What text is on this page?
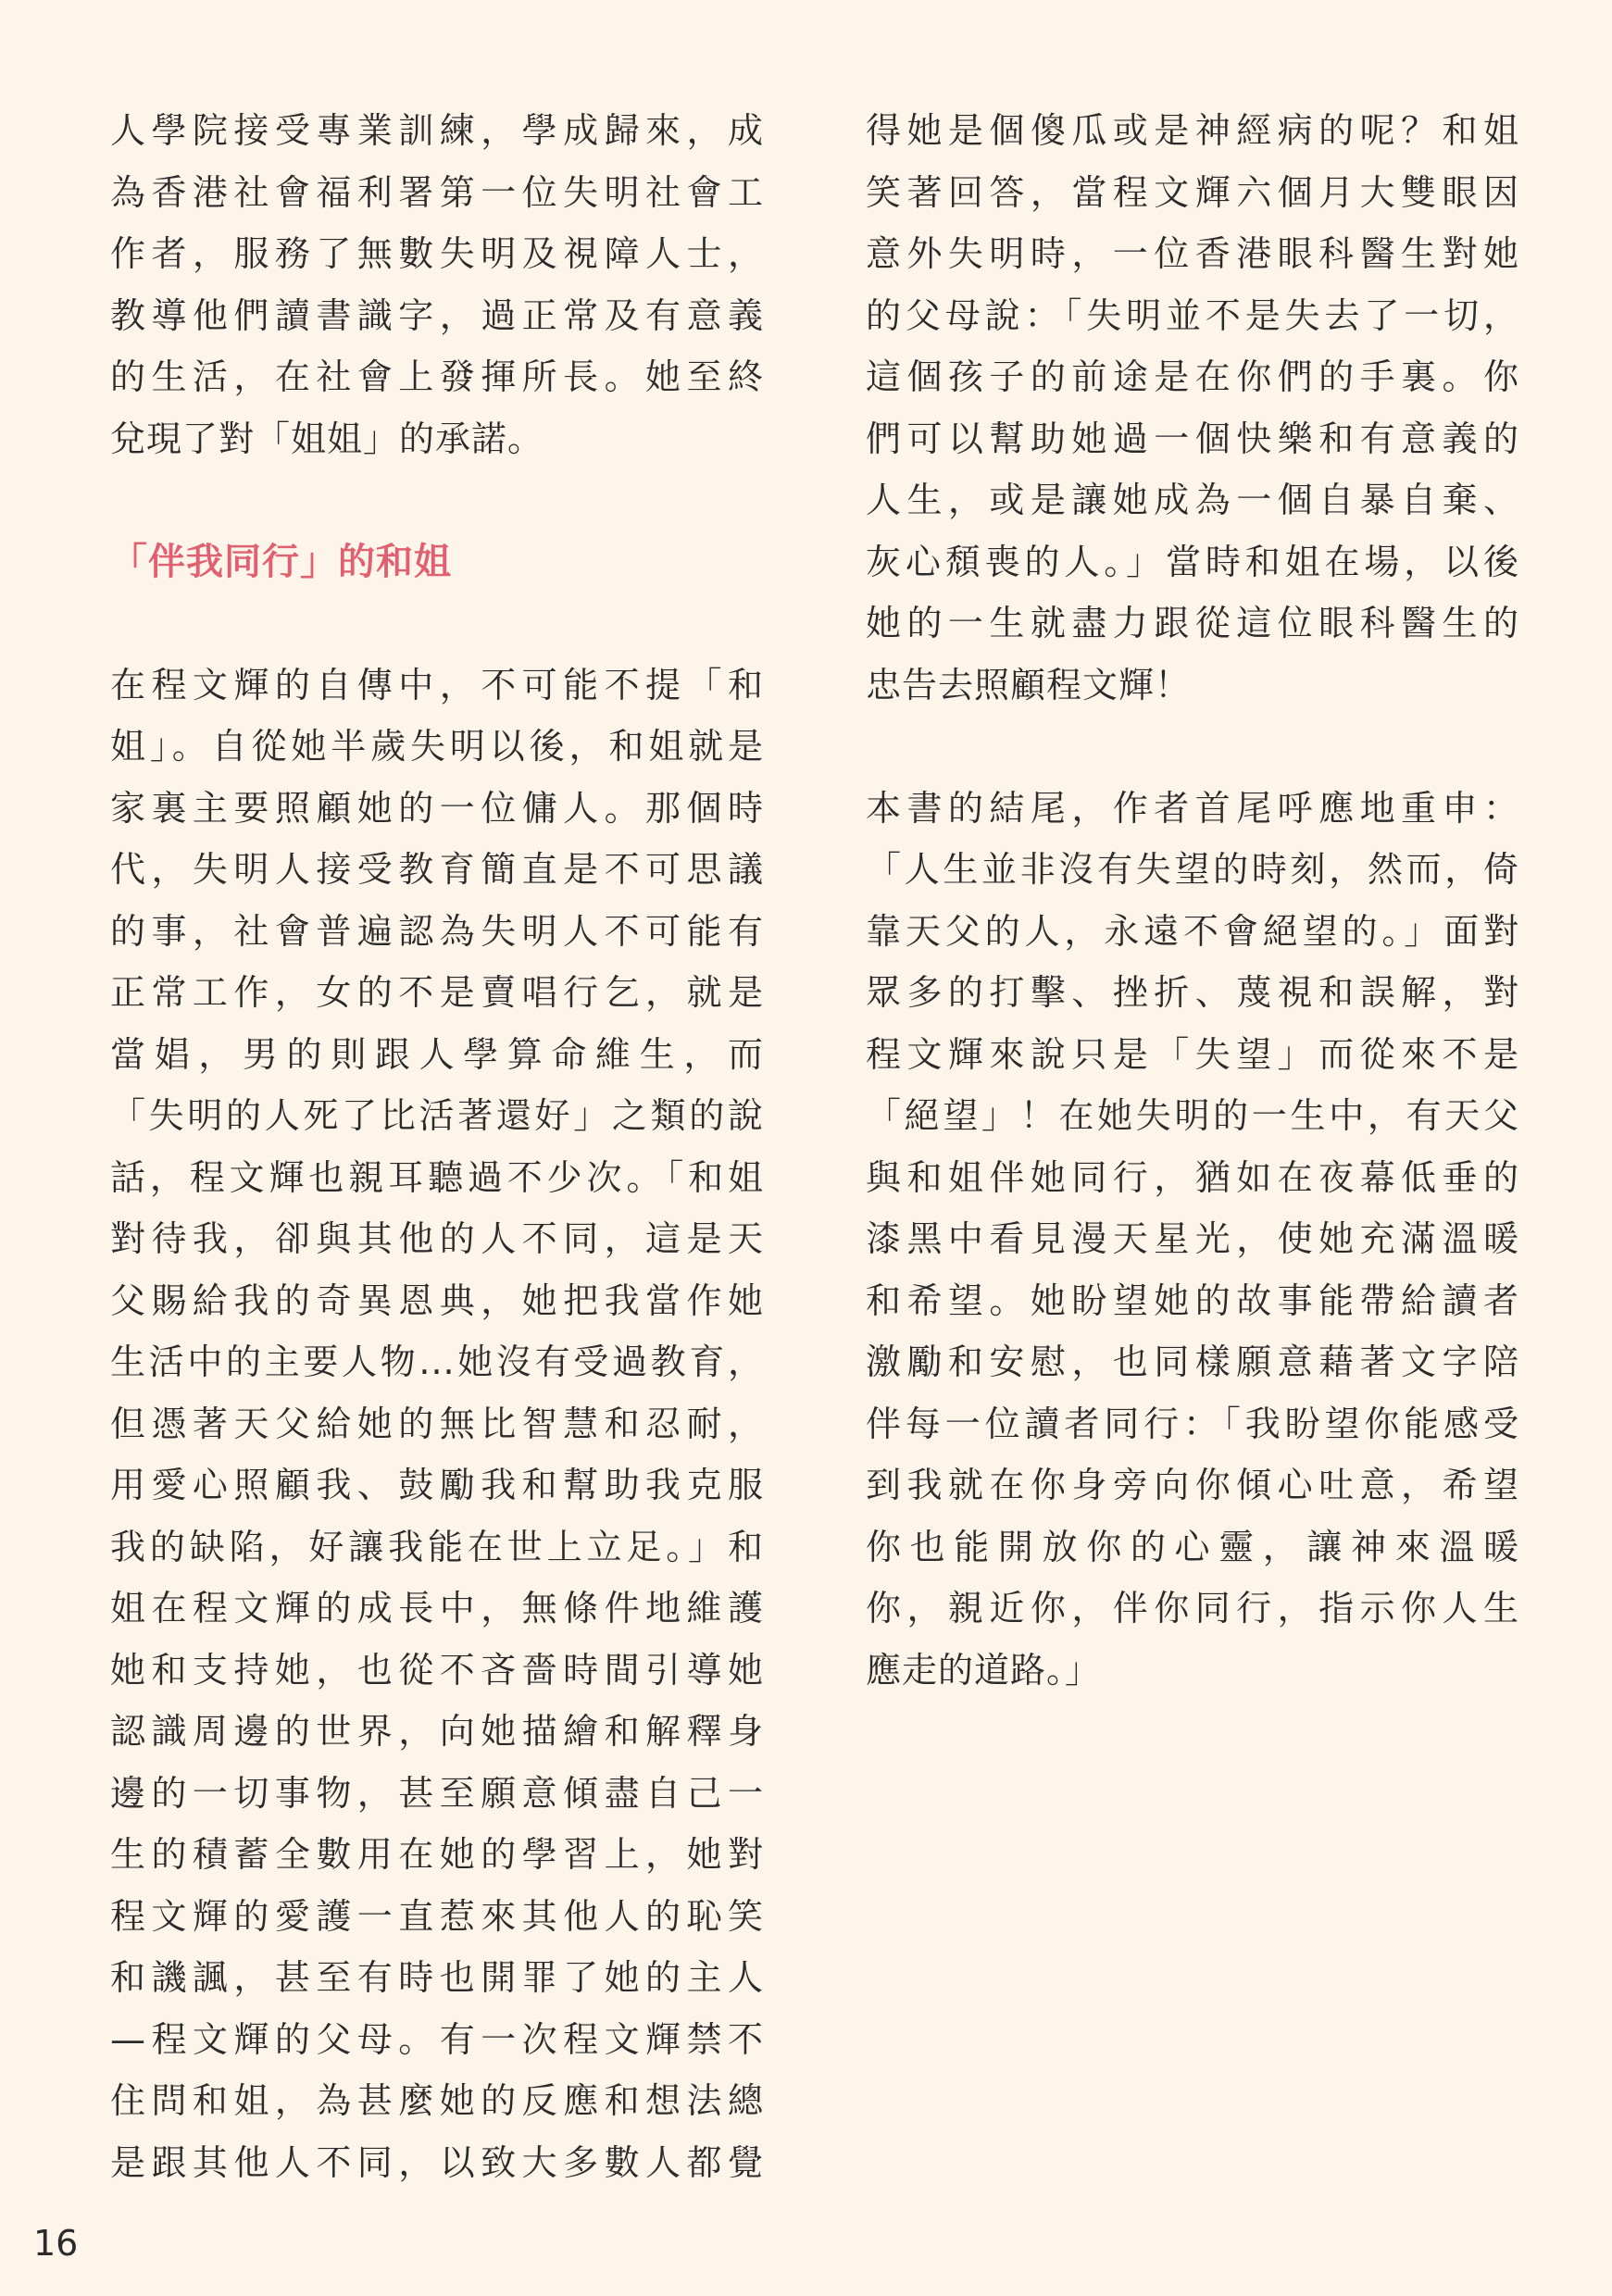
人學院接受專業訓練，學成歸來，成
為香港社會福利署第一位失明社會工
作者，服務了無數失明及視障人士，
教導他們讀書識字，過正常及有意義
的生活，在社會上發揮所長。她至終
兌現了對「姐姐」的承諾。
「伴我同行」的和姐
在程文輝的自傳中，不可能不提「和
姐」。自從她半歲失明以後，和姐就是
家裏主要照顧她的一位傭人。那個時
代，失明人接受教育簡直是不可思議
的事，社會普遍認為失明人不可能有
正常工作，女的不是賣唱行乞，就是
當娼，男的則跟人學算命維生，而
「失明的人死了比活著還好」之類的說
話，程文輝也親耳聽過不少次。「和姐
對待我，卻與其他的人不同，這是天
父賜給我的奇異恩典，她把我當作她
生活中的主要人物...她沒有受過教育，
但憑著天父給她的無比智慧和忍耐，
用愛心照顧我、鼓勵我和幫助我克服
我的缺陷，好讓我能在世上立足。」和
姐在程文輝的成長中，無條件地維護
她和支持她，也從不吝嗇時間引導她
認識周邊的世界，向她描繪和解釋身
邊的一切事物，甚至願意傾盡自己一
生的積蓄全數用在她的學習上，她對
程文輝的愛護一直惹來其他人的恥笑
和譏諷，甚至有時也開罪了她的主人
—程文輝的父母。有一次程文輝禁不
住問和姐，為甚麼她的反應和想法總
是跟其他人不同，以致大多數人都覺
得她是個傻瓜或是神經病的呢？和姐
笑著回答，當程文輝六個月大雙眼因
意外失明時，一位香港眼科醫生對她
的父母說：「失明並不是失去了一切，
這個孩子的前途是在你們的手裏。你
們可以幫助她過一個快樂和有意義的
人生，或是讓她成為一個自暴自棄、
灰心頹喪的人。」當時和姐在場，以後
她的一生就盡力跟從這位眼科醫生的
忠告去照顧程文輝！
本書的結尾，作者首尾呼應地重申：
「人生並非沒有失望的時刻，然而，倚
靠天父的人，永遠不會絕望的。」面對
眾多的打擊、挫折、蔑視和誤解，對
程文輝來說只是「失望」而從來不是
「絕望」！在她失明的一生中，有天父
與和姐伴她同行，猶如在夜幕低垂的
漆黑中看見漫天星光，使她充滿溫暖
和希望。她盼望她的故事能帶給讀者
激勵和安慰，也同樣願意藉著文字陪
伴每一位讀者同行：「我盼望你能感受
到我就在你身旁向你傾心吐意，希望
你也能開放你的心靈，讓神來溫暖
你，親近你，伴你同行，指示你人生
應走的道路。」
16
